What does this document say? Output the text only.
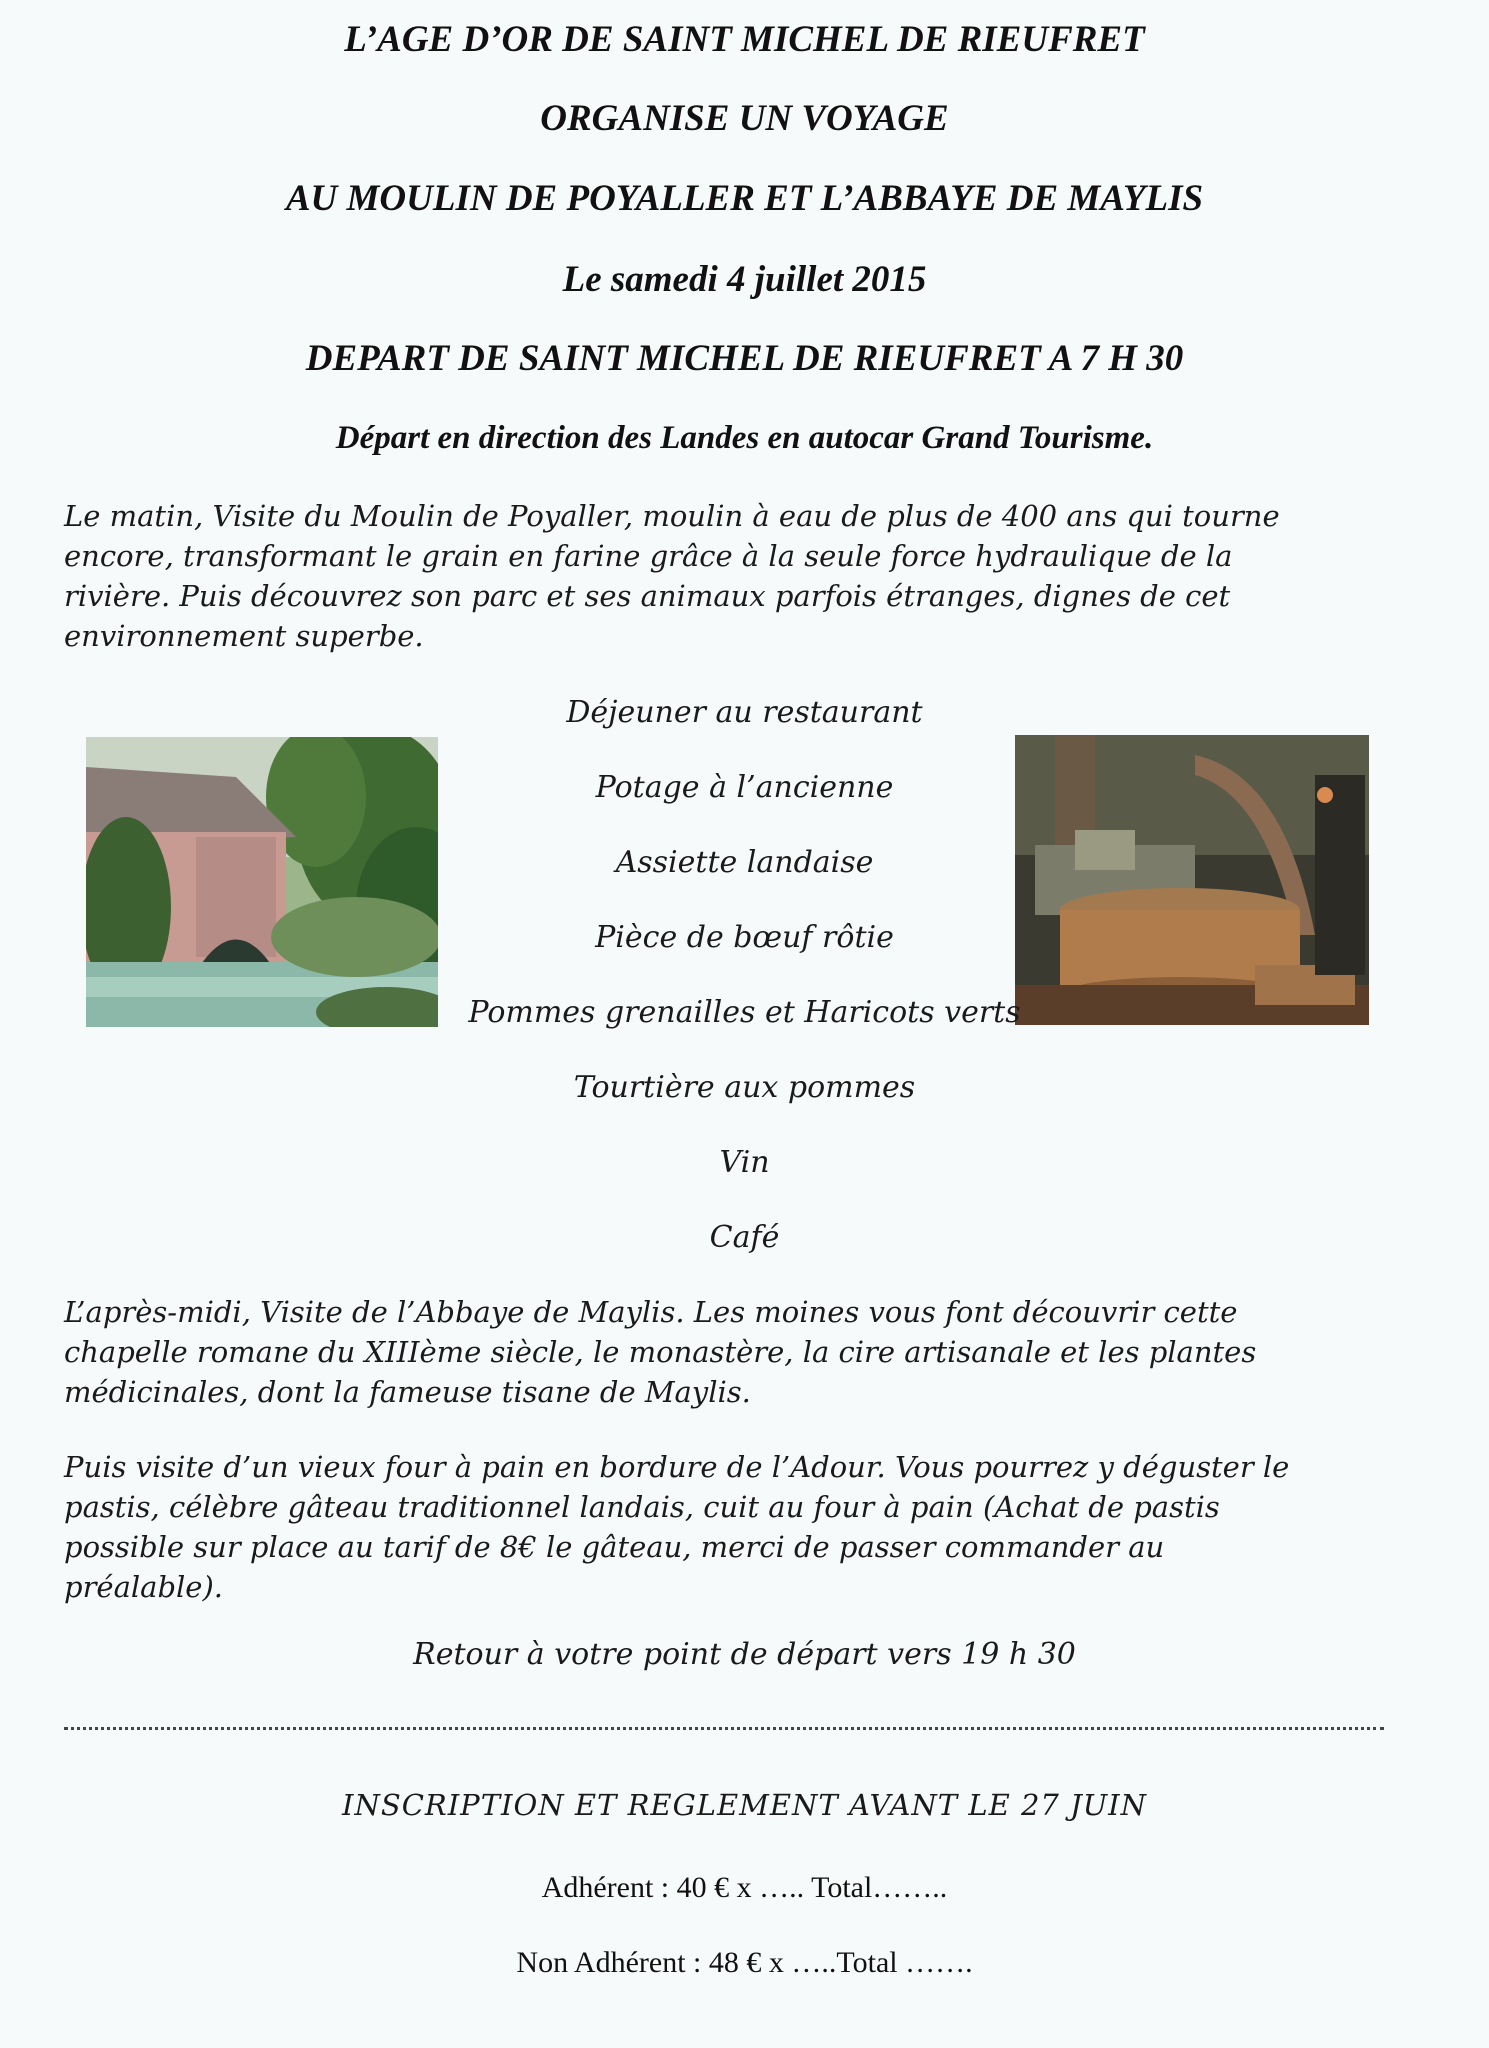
L’AGE D’OR DE SAINT MICHEL DE RIEUFRET
ORGANISE UN VOYAGE
AU MOULIN DE POYALLER ET L’ABBAYE DE MAYLIS
Le samedi 4 juillet 2015
DEPART DE SAINT MICHEL DE RIEUFRET A 7 H 30
Départ en direction des Landes en autocar Grand Tourisme.
Le matin, Visite du Moulin de Poyaller, moulin à eau de plus de 400 ans qui tourne
encore, transformant le grain en farine grâce à la seule force hydraulique de la
rivière. Puis découvrez son parc et ses animaux parfois étranges, dignes de cet
environnement superbe.
Déjeuner au restaurant
Potage à l’ancienne
Assiette landaise
Pièce de bœuf rôtie
Pommes grenailles et Haricots verts
Tourtière aux pommes
Vin
Café
L’après-midi, Visite de l’Abbaye de Maylis. Les moines vous font découvrir cette
chapelle romane du XIIIème siècle, le monastère, la cire artisanale et les plantes
médicinales, dont la fameuse tisane de Maylis.
Puis visite d’un vieux four à pain en bordure de l’Adour. Vous pourrez y déguster le
pastis, célèbre gâteau traditionnel landais, cuit au four à pain (Achat de pastis
possible sur place au tarif de 8€ le gâteau, merci de passer commander au
préalable).
Retour à votre point de départ vers 19 h 30
INSCRIPTION ET REGLEMENT AVANT LE 27 JUIN
Adhérent : 40 € x ….. Total……..
Non Adhérent : 48 € x …..Total …….
